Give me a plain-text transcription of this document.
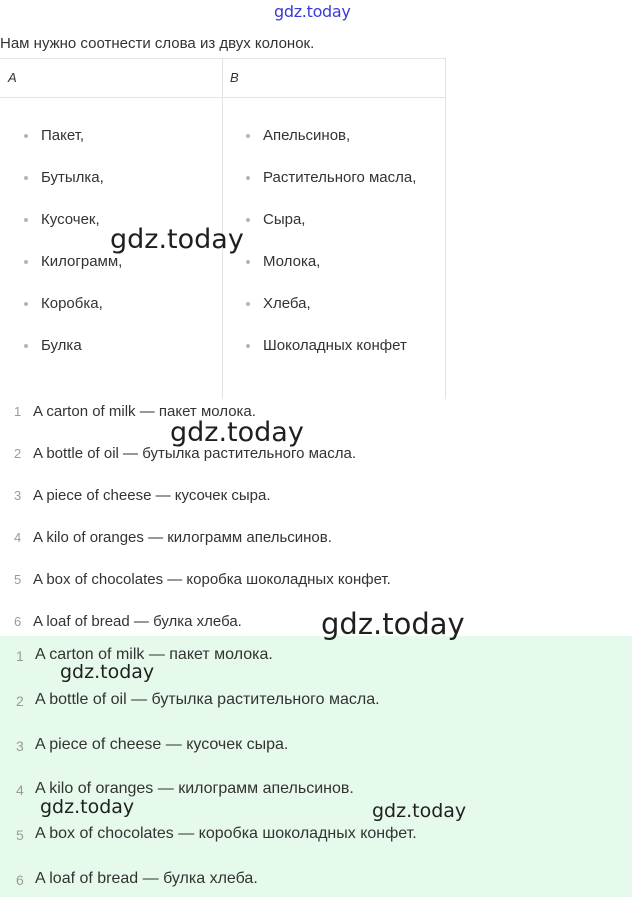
Нам нужно соотнести слова из двух колонок.
A	B
Пакет,
Бутылка,
Кусочек,
Килограмм,
Коробка,
Булка
Апельсинов,
Растительного масла,
Сыра,
Молока,
Хлеба,
Шоколадных конфет
1 A carton of milk — пакет молока.
2 A bottle of oil — бутылка растительного масла.
3 A piece of cheese — кусочек сыра.
4 A kilo of oranges — килограмм апельсинов.
5 A box of chocolates — коробка шоколадных конфет.
6 A loaf of bread — булка хлеба.
1 A carton of milk — пакет молока.
2 A bottle of oil — бутылка растительного масла.
3 A piece of cheese — кусочек сыра.
4 A kilo of oranges — килограмм апельсинов.
5 A box of chocolates — коробка шоколадных конфет.
6 A loaf of bread — булка хлеба.
gdz.today
gdz.today
gdz.today
gdz.today
gdz.today
gdz.today	gdz.today
